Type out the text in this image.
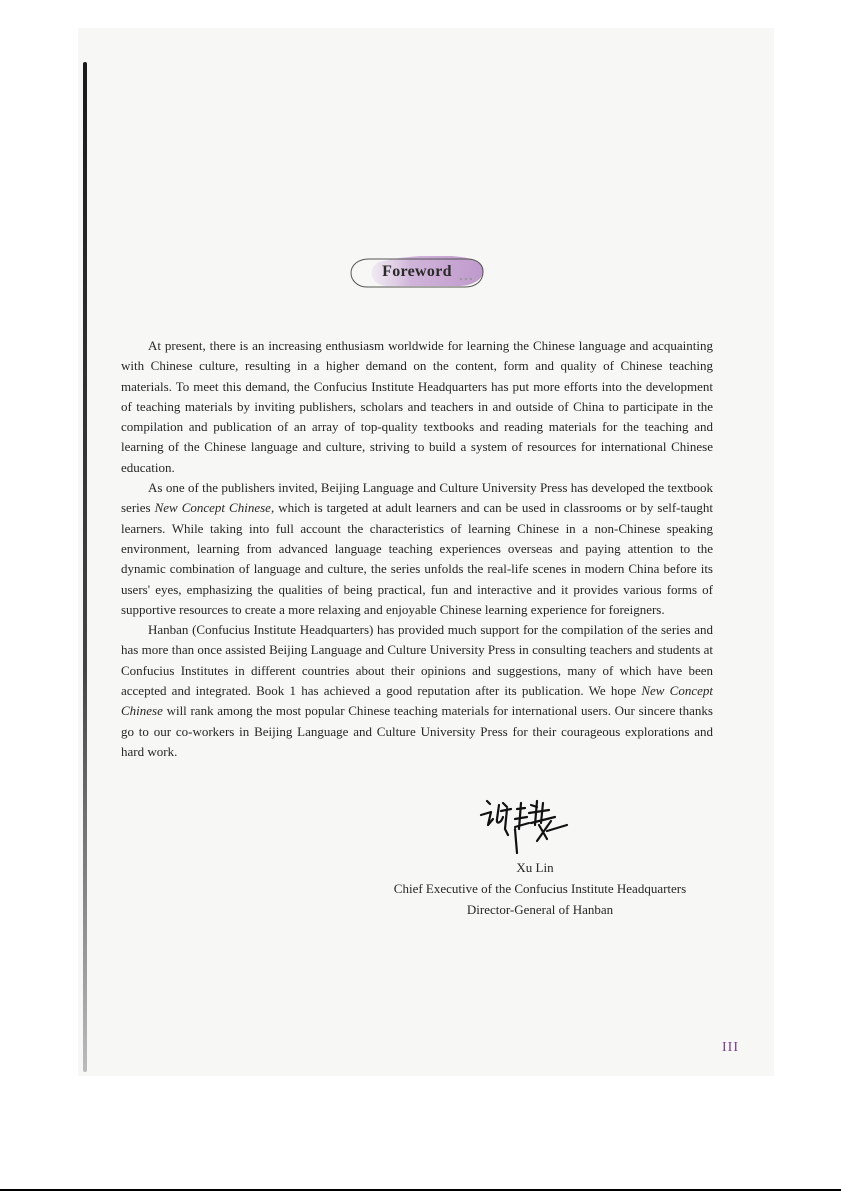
Foreword

At present, there is an increasing enthusiasm worldwide for learning the Chinese language and acquainting with Chinese culture, resulting in a higher demand on the content, form and quality of Chinese teaching materials. To meet this demand, the Confucius Institute Headquarters has put more efforts into the development of teaching materials by inviting publishers, scholars and teachers in and outside of China to participate in the compilation and publication of an array of top-quality textbooks and reading materials for the teaching and learning of the Chinese language and culture, striving to build a system of resources for international Chinese education.

As one of the publishers invited, Beijing Language and Culture University Press has developed the textbook series New Concept Chinese, which is targeted at adult learners and can be used in classrooms or by self-taught learners. While taking into full account the characteristics of learning Chinese in a non-Chinese speaking environment, learning from advanced language teaching experiences overseas and paying attention to the dynamic combination of language and culture, the series unfolds the real-life scenes in modern China before its users' eyes, emphasizing the qualities of being practical, fun and interactive and it provides various forms of supportive resources to create a more relaxing and enjoyable Chinese learning experience for foreigners.

Hanban (Confucius Institute Headquarters) has provided much support for the compilation of the series and has more than once assisted Beijing Language and Culture University Press in consulting teachers and students at Confucius Institutes in different countries about their opinions and suggestions, many of which have been accepted and integrated. Book 1 has achieved a good reputation after its publication. We hope New Concept Chinese will rank among the most popular Chinese teaching materials for international users. Our sincere thanks go to our co-workers in Beijing Language and Culture University Press for their courageous explorations and hard work.

Xu Lin
Chief Executive of the Confucius Institute Headquarters
Director-General of Hanban
III
